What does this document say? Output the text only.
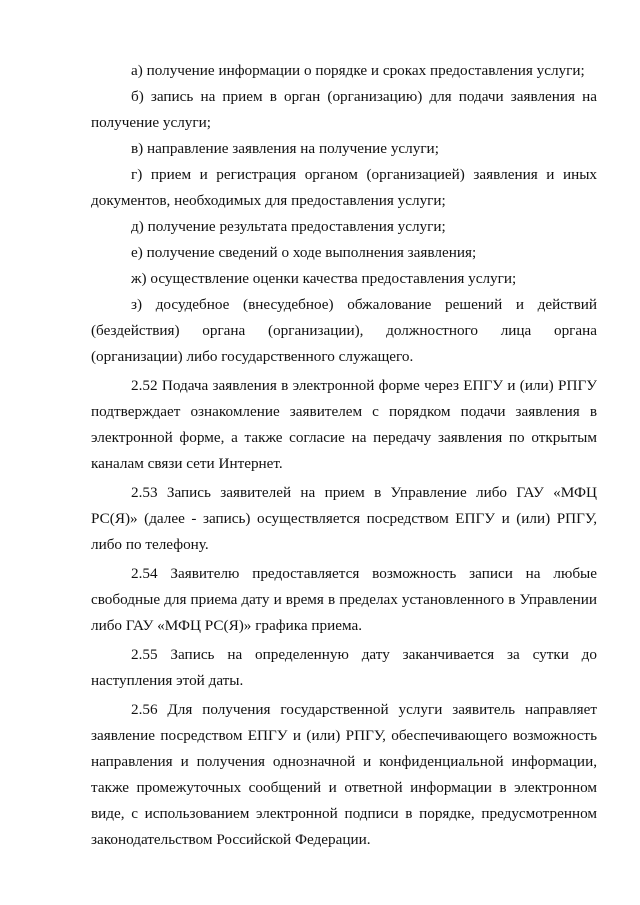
а) получение информации о порядке и сроках предоставления услуги;

б) запись на прием в орган (организацию) для подачи заявления на получение услуги;

в) направление заявления на получение услуги;

г) прием и регистрация органом (организацией) заявления и иных документов, необходимых для предоставления услуги;

д) получение результата предоставления услуги;

е) получение сведений о ходе выполнения заявления;

ж) осуществление оценки качества предоставления услуги;

з) досудебное (внесудебное) обжалование решений и действий (бездействия) органа (организации), должностного лица органа (организации) либо государственного служащего.

2.52 Подача заявления в электронной форме через ЕПГУ и (или) РПГУ подтверждает ознакомление заявителем с порядком подачи заявления в электронной форме, а также согласие на передачу заявления по открытым каналам связи сети Интернет.

2.53 Запись заявителей на прием в Управление либо ГАУ «МФЦ РС(Я)» (далее - запись) осуществляется посредством ЕПГУ и (или) РПГУ, либо по телефону.

2.54 Заявителю предоставляется возможность записи на любые свободные для приема дату и время в пределах установленного в Управлении либо ГАУ «МФЦ РС(Я)» графика приема.

2.55 Запись на определенную дату заканчивается за сутки до наступления этой даты.

2.56 Для получения государственной услуги заявитель направляет заявление посредством ЕПГУ и (или) РПГУ, обеспечивающего возможность направления и получения однозначной и конфиденциальной информации, также промежуточных сообщений и ответной информации в электронном виде, с использованием электронной подписи в порядке, предусмотренном законодательством Российской Федерации.
